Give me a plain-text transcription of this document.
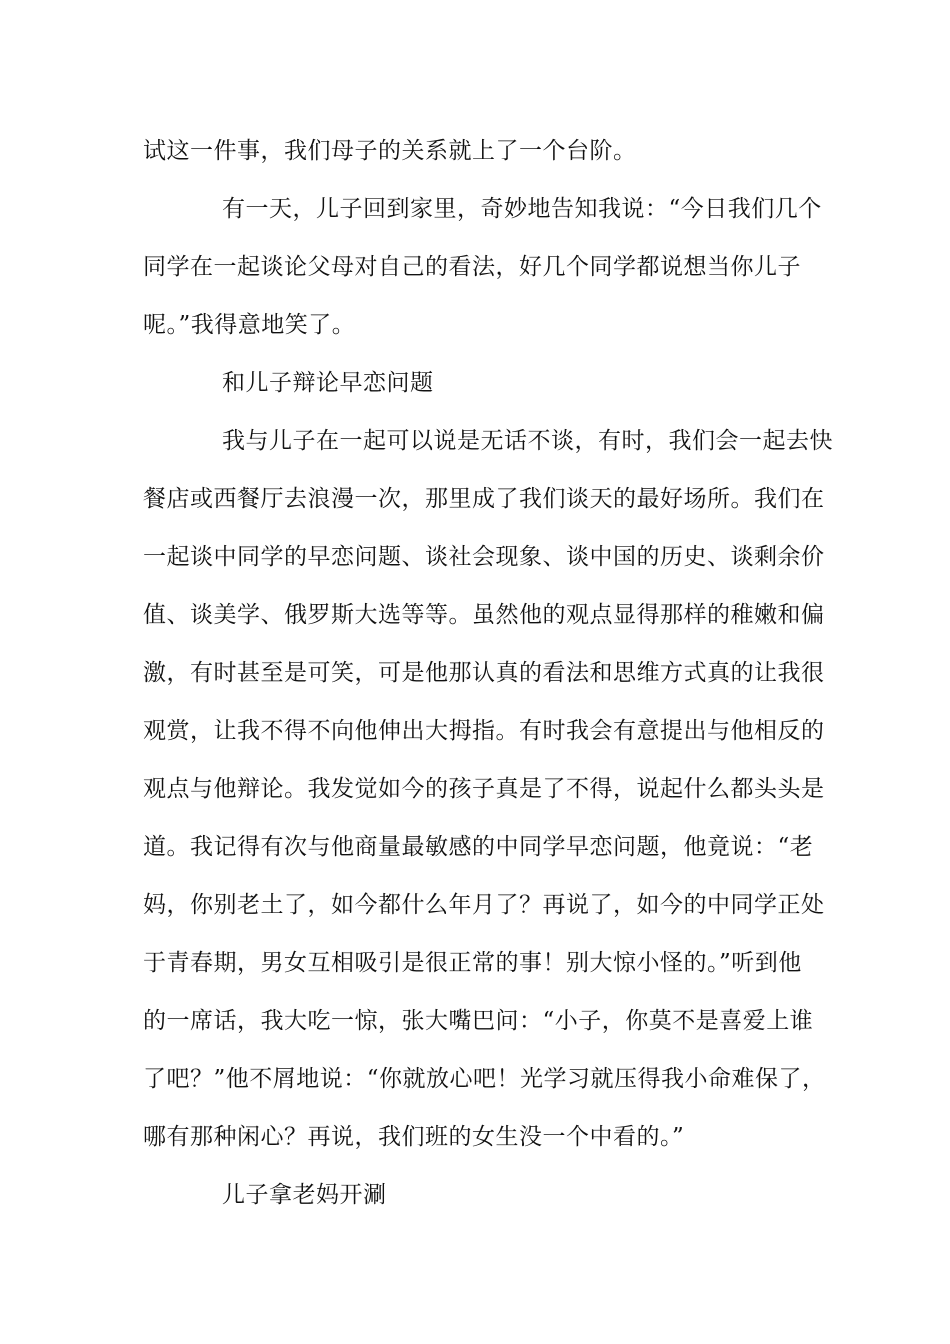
试这一件事，我们母子的关系就上了一个台阶。

有一天，儿子回到家里，奇妙地告知我说：“今日我们几个

同学在一起谈论父母对自己的看法，好几个同学都说想当你儿子

呢。”我得意地笑了。

和儿子辩论早恋问题

我与儿子在一起可以说是无话不谈，有时，我们会一起去快

餐店或西餐厅去浪漫一次，那里成了我们谈天的最好场所。我们在

一起谈中同学的早恋问题、谈社会现象、谈中国的历史、谈剩余价

值、谈美学、俄罗斯大选等等。虽然他的观点显得那样的稚嫩和偏

激，有时甚至是可笑，可是他那认真的看法和思维方式真的让我很

观赏，让我不得不向他伸出大拇指。有时我会有意提出与他相反的

观点与他辩论。我发觉如今的孩子真是了不得，说起什么都头头是

道。我记得有次与他商量最敏感的中同学早恋问题，他竟说：“老

妈，你别老土了，如今都什么年月了？再说了，如今的中同学正处

于青春期，男女互相吸引是很正常的事！别大惊小怪的。”听到他

的一席话，我大吃一惊，张大嘴巴问：“小子，你莫不是喜爱上谁

了吧？”他不屑地说：“你就放心吧！光学习就压得我小命难保了，

哪有那种闲心？再说，我们班的女生没一个中看的。”

儿子拿老妈开涮
